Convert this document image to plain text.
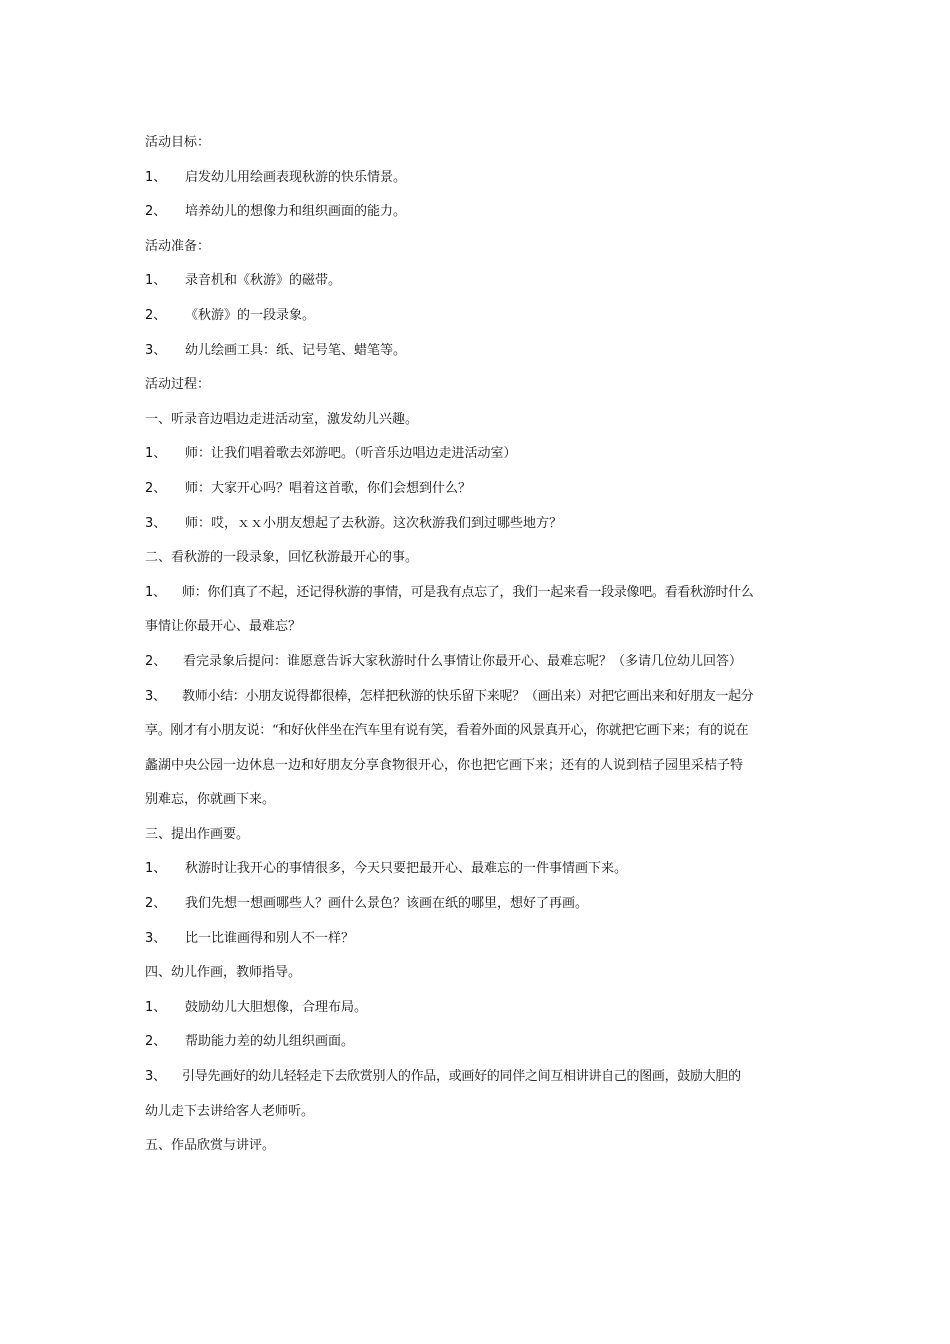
活动目标：

1、	启发幼儿用绘画表现秋游的快乐情景。
2、	培养幼儿的想像力和组织画面的能力。

活动准备：

1、	录音机和《秋游》的磁带。
2、	《秋游》的一段录象。
3、	幼儿绘画工具：纸、记号笔、蜡笔等。

活动过程：

一、听录音边唱边走进活动室，激发幼儿兴趣。

1、	师：让我们唱着歌去郊游吧。（听音乐边唱边走进活动室）
2、	师：大家开心吗？唱着这首歌，你们会想到什么？
3、	师：哎，ｘｘ小朋友想起了去秋游。这次秋游我们到过哪些地方？

二、看秋游的一段录象，回忆秋游最开心的事。

1、	师：你们真了不起，还记得秋游的事情，可是我有点忘了，我们一起来看一段录像吧。看看秋游时什么

事情让你最开心、最难忘？

2、	看完录象后提问：谁愿意告诉大家秋游时什么事情让你最开心、最难忘呢？（多请几位幼儿回答）
3、	教师小结：小朋友说得都很棒，怎样把秋游的快乐留下来呢？（画出来）对把它画出来和好朋友一起分

享。刚才有小朋友说：“和好伙伴坐在汽车里有说有笑，看着外面的风景真开心，你就把它画下来；有的说在

蠡湖中央公园一边休息一边和好朋友分享食物很开心，你也把它画下来；还有的人说到桔子园里采桔子特

别难忘，你就画下来。

三、提出作画要。

1、	秋游时让我开心的事情很多，今天只要把最开心、最难忘的一件事情画下来。
2、	我们先想一想画哪些人？画什么景色？该画在纸的哪里，想好了再画。
3、	比一比谁画得和别人不一样？

四、幼儿作画，教师指导。

1、	鼓励幼儿大胆想像，合理布局。
2、	帮助能力差的幼儿组织画面。
3、	引导先画好的幼儿轻轻走下去欣赏别人的作品，或画好的同伴之间互相讲讲自己的图画，鼓励大胆的

幼儿走下去讲给客人老师听。

五、作品欣赏与讲评。
